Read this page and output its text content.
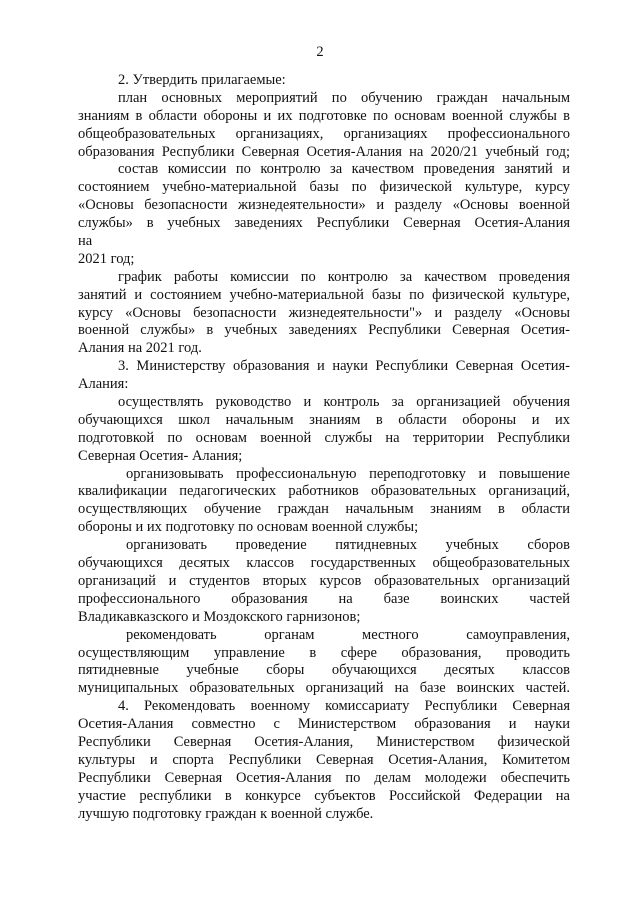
2
2. Утвердить прилагаемые:
план основных мероприятий по обучению граждан начальным
знаниям в области обороны и их подготовке по основам военной службы в
общеобразовательных организациях, организациях профессионального
образования Республики Северная Осетия-Алания на 2020/21 учебный год;
состав комиссии по контролю за качеством проведения занятий и
состоянием учебно-материальной базы по физической культуре, курсу
«Основы безопасности жизнедеятельности» и разделу «Основы военной
службы» в учебных заведениях Республики Северная Осетия-Алания
на
2021 год;
график работы комиссии по контролю за качеством проведения
занятий и состоянием учебно-материальной базы по физической культуре,
курсу «Основы безопасности жизнедеятельности"» и разделу «Основы
военной службы» в учебных заведениях Республики Северная Осетия-
Алания на 2021 год.
3. Министерству образования и науки Республики Северная Осетия-
Алания:
осуществлять руководство и контроль за организацией обучения
обучающихся школ начальным знаниям в области обороны и их
подготовкой по основам военной службы на территории Республики
Северная Осетия- Алания;
организовывать профессиональную переподготовку и повышение
квалификации педагогических работников образовательных организаций,
осуществляющих обучение граждан начальным знаниям в области
обороны и их подготовку по основам военной службы;
организовать проведение пятидневных учебных сборов
обучающихся десятых классов государственных общеобразовательных
организаций и студентов вторых курсов образовательных организаций
профессионального образования на базе воинских частей
Владикавказского и Моздокского гарнизонов;
рекомендовать органам местного самоуправления,
осуществляющим управление в сфере образования, проводить
пятидневные учебные сборы обучающихся десятых классов
муниципальных образовательных организаций на базе воинских частей.
4. Рекомендовать военному комиссариату Республики Северная
Осетия-Алания совместно с Министерством образования и науки
Республики Северная Осетия-Алания, Министерством физической
культуры и спорта Республики Северная Осетия-Алания, Комитетом
Республики Северная Осетия-Алания по делам молодежи обеспечить
участие республики в конкурсе субъектов Российской Федерации на
лучшую подготовку граждан к военной службе.
